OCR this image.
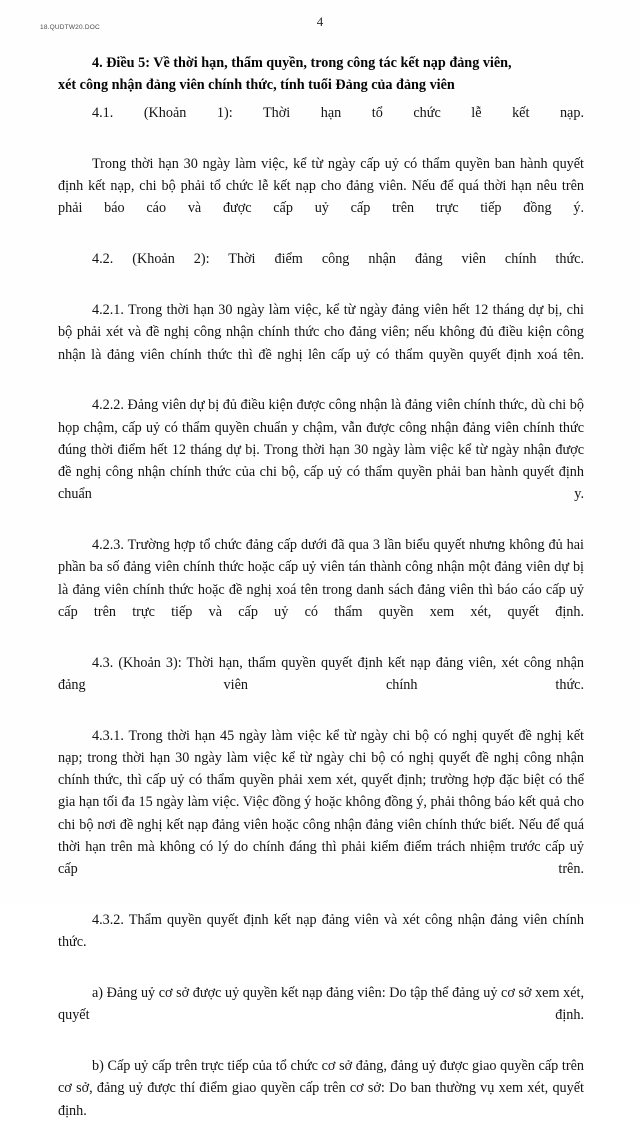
18.QUDTW20.DOC	4
4. Điều 5: Về thời hạn, thẩm quyền, trong công tác kết nạp đảng viên,
xét công nhận đảng viên chính thức, tính tuổi Đảng của đảng viên

4.1. (Khoản 1): Thời hạn tổ chức lễ kết nạp.

Trong thời hạn 30 ngày làm việc, kể từ ngày cấp uỷ có thẩm quyền ban hành quyết định kết nạp, chi bộ phải tổ chức lễ kết nạp cho đảng viên. Nếu để quá thời hạn nêu trên phải báo cáo và được cấp uỷ cấp trên trực tiếp đồng ý.

4.2. (Khoản 2): Thời điểm công nhận đảng viên chính thức.

4.2.1. Trong thời hạn 30 ngày làm việc, kể từ ngày đảng viên hết 12 tháng dự bị, chi bộ phải xét và đề nghị công nhận chính thức cho đảng viên; nếu không đủ điều kiện công nhận là đảng viên chính thức thì đề nghị lên cấp uỷ có thẩm quyền quyết định xoá tên.

4.2.2. Đảng viên dự bị đủ điều kiện được công nhận là đảng viên chính thức, dù chi bộ họp chậm, cấp uỷ có thẩm quyền chuẩn y chậm, vẫn được công nhận đảng viên chính thức đúng thời điểm hết 12 tháng dự bị. Trong thời hạn 30 ngày làm việc kể từ ngày nhận được đề nghị công nhận chính thức của chi bộ, cấp uỷ có thẩm quyền phải ban hành quyết định chuẩn y.

4.2.3. Trường hợp tổ chức đảng cấp dưới đã qua 3 lần biểu quyết nhưng không đủ hai phần ba số đảng viên chính thức hoặc cấp uỷ viên tán thành công nhận một đảng viên dự bị là đảng viên chính thức hoặc đề nghị xoá tên trong danh sách đảng viên thì báo cáo cấp uỷ cấp trên trực tiếp và cấp uỷ có thẩm quyền xem xét, quyết định.

4.3. (Khoản 3): Thời hạn, thẩm quyền quyết định kết nạp đảng viên, xét công nhận đảng viên chính thức.

4.3.1. Trong thời hạn 45 ngày làm việc kể từ ngày chi bộ có nghị quyết đề nghị kết nạp; trong thời hạn 30 ngày làm việc kể từ ngày chi bộ có nghị quyết đề nghị công nhận chính thức, thì cấp uỷ có thẩm quyền phải xem xét, quyết định; trường hợp đặc biệt có thể gia hạn tối đa 15 ngày làm việc. Việc đồng ý hoặc không đồng ý, phải thông báo kết quả cho chi bộ nơi đề nghị kết nạp đảng viên hoặc công nhận đảng viên chính thức biết. Nếu để quá thời hạn trên mà không có lý do chính đáng thì phải kiểm điểm trách nhiệm trước cấp uỷ cấp trên.

4.3.2. Thẩm quyền quyết định kết nạp đảng viên và xét công nhận đảng viên chính thức.

a) Đảng uỷ cơ sở được uỷ quyền kết nạp đảng viên: Do tập thể đảng uỷ cơ sở xem xét, quyết định.

b) Cấp uỷ cấp trên trực tiếp của tổ chức cơ sở đảng, đảng uỷ được giao quyền cấp trên cơ sở, đảng uỷ được thí điểm giao quyền cấp trên cơ sở: Do ban thường vụ xem xét, quyết định.
